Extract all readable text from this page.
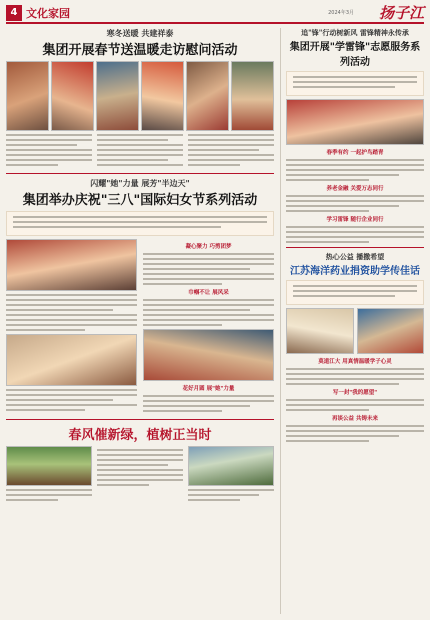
4 文化家园	2024年3月 扬子江
寒冬送暖 共建祥泰
集团开展春节送温暖走访慰问活动
闪耀"她"力量 展芳"半边天"
集团举办庆祝"三八"国际妇女节系列活动
凝心聚力 巧剪团梦
巾帼不让 展风采
花好月圆 展"她"力量
春风催新绿，植树正当时
追"锋"行动树新风 雷锋精神永传承
集团开展"学雷锋"志愿服务系列活动
春季有约 一起护鸟踏青
养老金融 关爱万志同行
学习雷锋 随行企业同行
热心公益 播撒希望
江苏海洋药业捐资助学传佳话
莫道江大 用真情温暖学子心灵
写一封"我的愿望"
再谈公益 共铸未来
